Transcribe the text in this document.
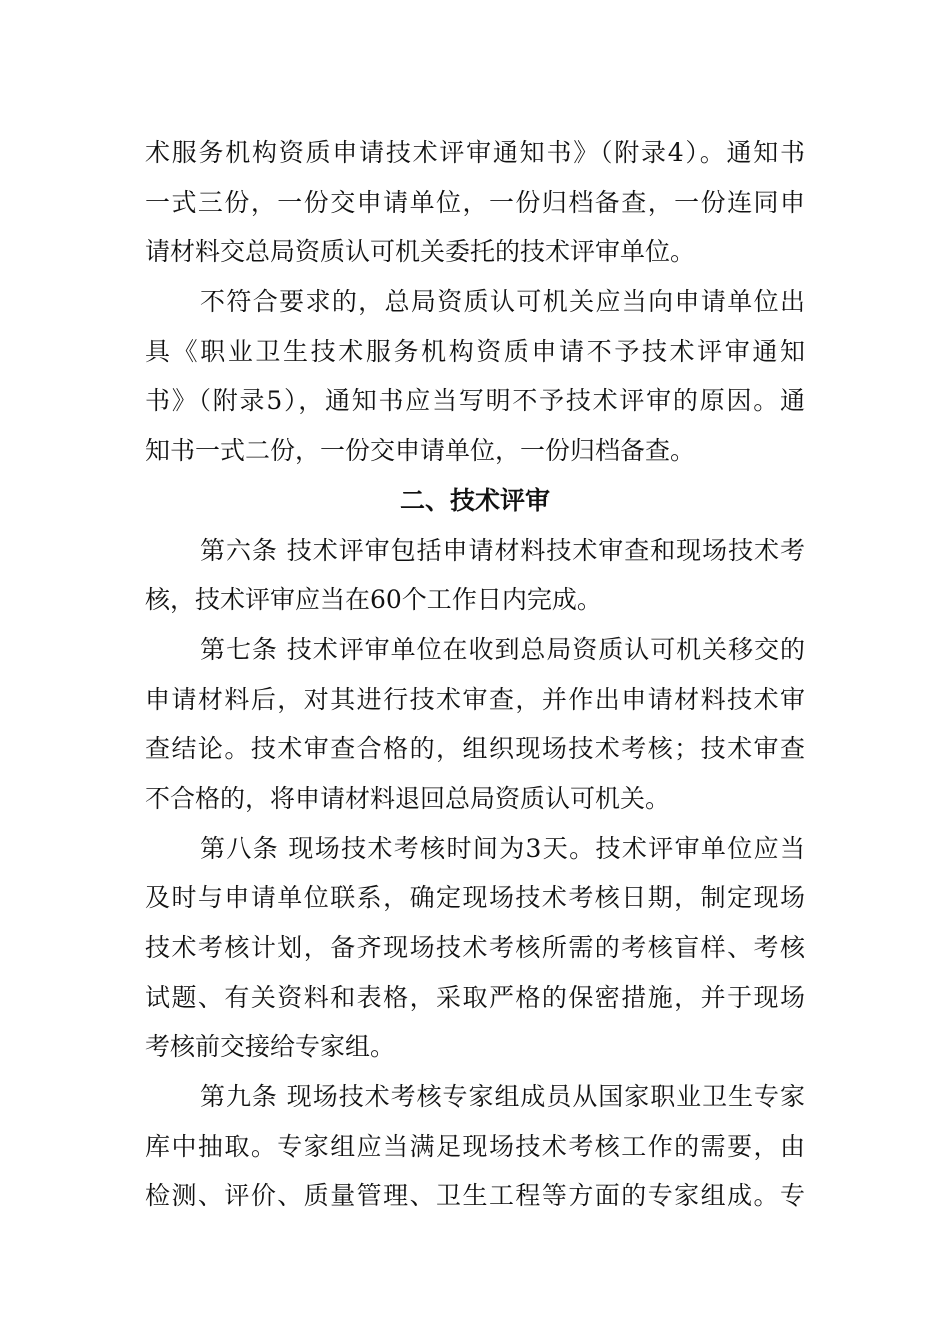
术服务机构资质申请技术评审通知书》（附录4）。通知书
一式三份，一份交申请单位，一份归档备查，一份连同申
请材料交总局资质认可机关委托的技术评审单位。
不符合要求的，总局资质认可机关应当向申请单位出
具《职业卫生技术服务机构资质申请不予技术评审通知
书》（附录5），通知书应当写明不予技术评审的原因。通
知书一式二份，一份交申请单位，一份归档备查。
二、技术评审
第六条 技术评审包括申请材料技术审查和现场技术考
核，技术评审应当在60个工作日内完成。
第七条 技术评审单位在收到总局资质认可机关移交的
申请材料后，对其进行技术审查，并作出申请材料技术审
查结论。技术审查合格的，组织现场技术考核；技术审查
不合格的，将申请材料退回总局资质认可机关。
第八条 现场技术考核时间为3天。技术评审单位应当
及时与申请单位联系，确定现场技术考核日期，制定现场
技术考核计划，备齐现场技术考核所需的考核盲样、考核
试题、有关资料和表格，采取严格的保密措施，并于现场
考核前交接给专家组。
第九条 现场技术考核专家组成员从国家职业卫生专家
库中抽取。专家组应当满足现场技术考核工作的需要，由
检测、评价、质量管理、卫生工程等方面的专家组成。专
